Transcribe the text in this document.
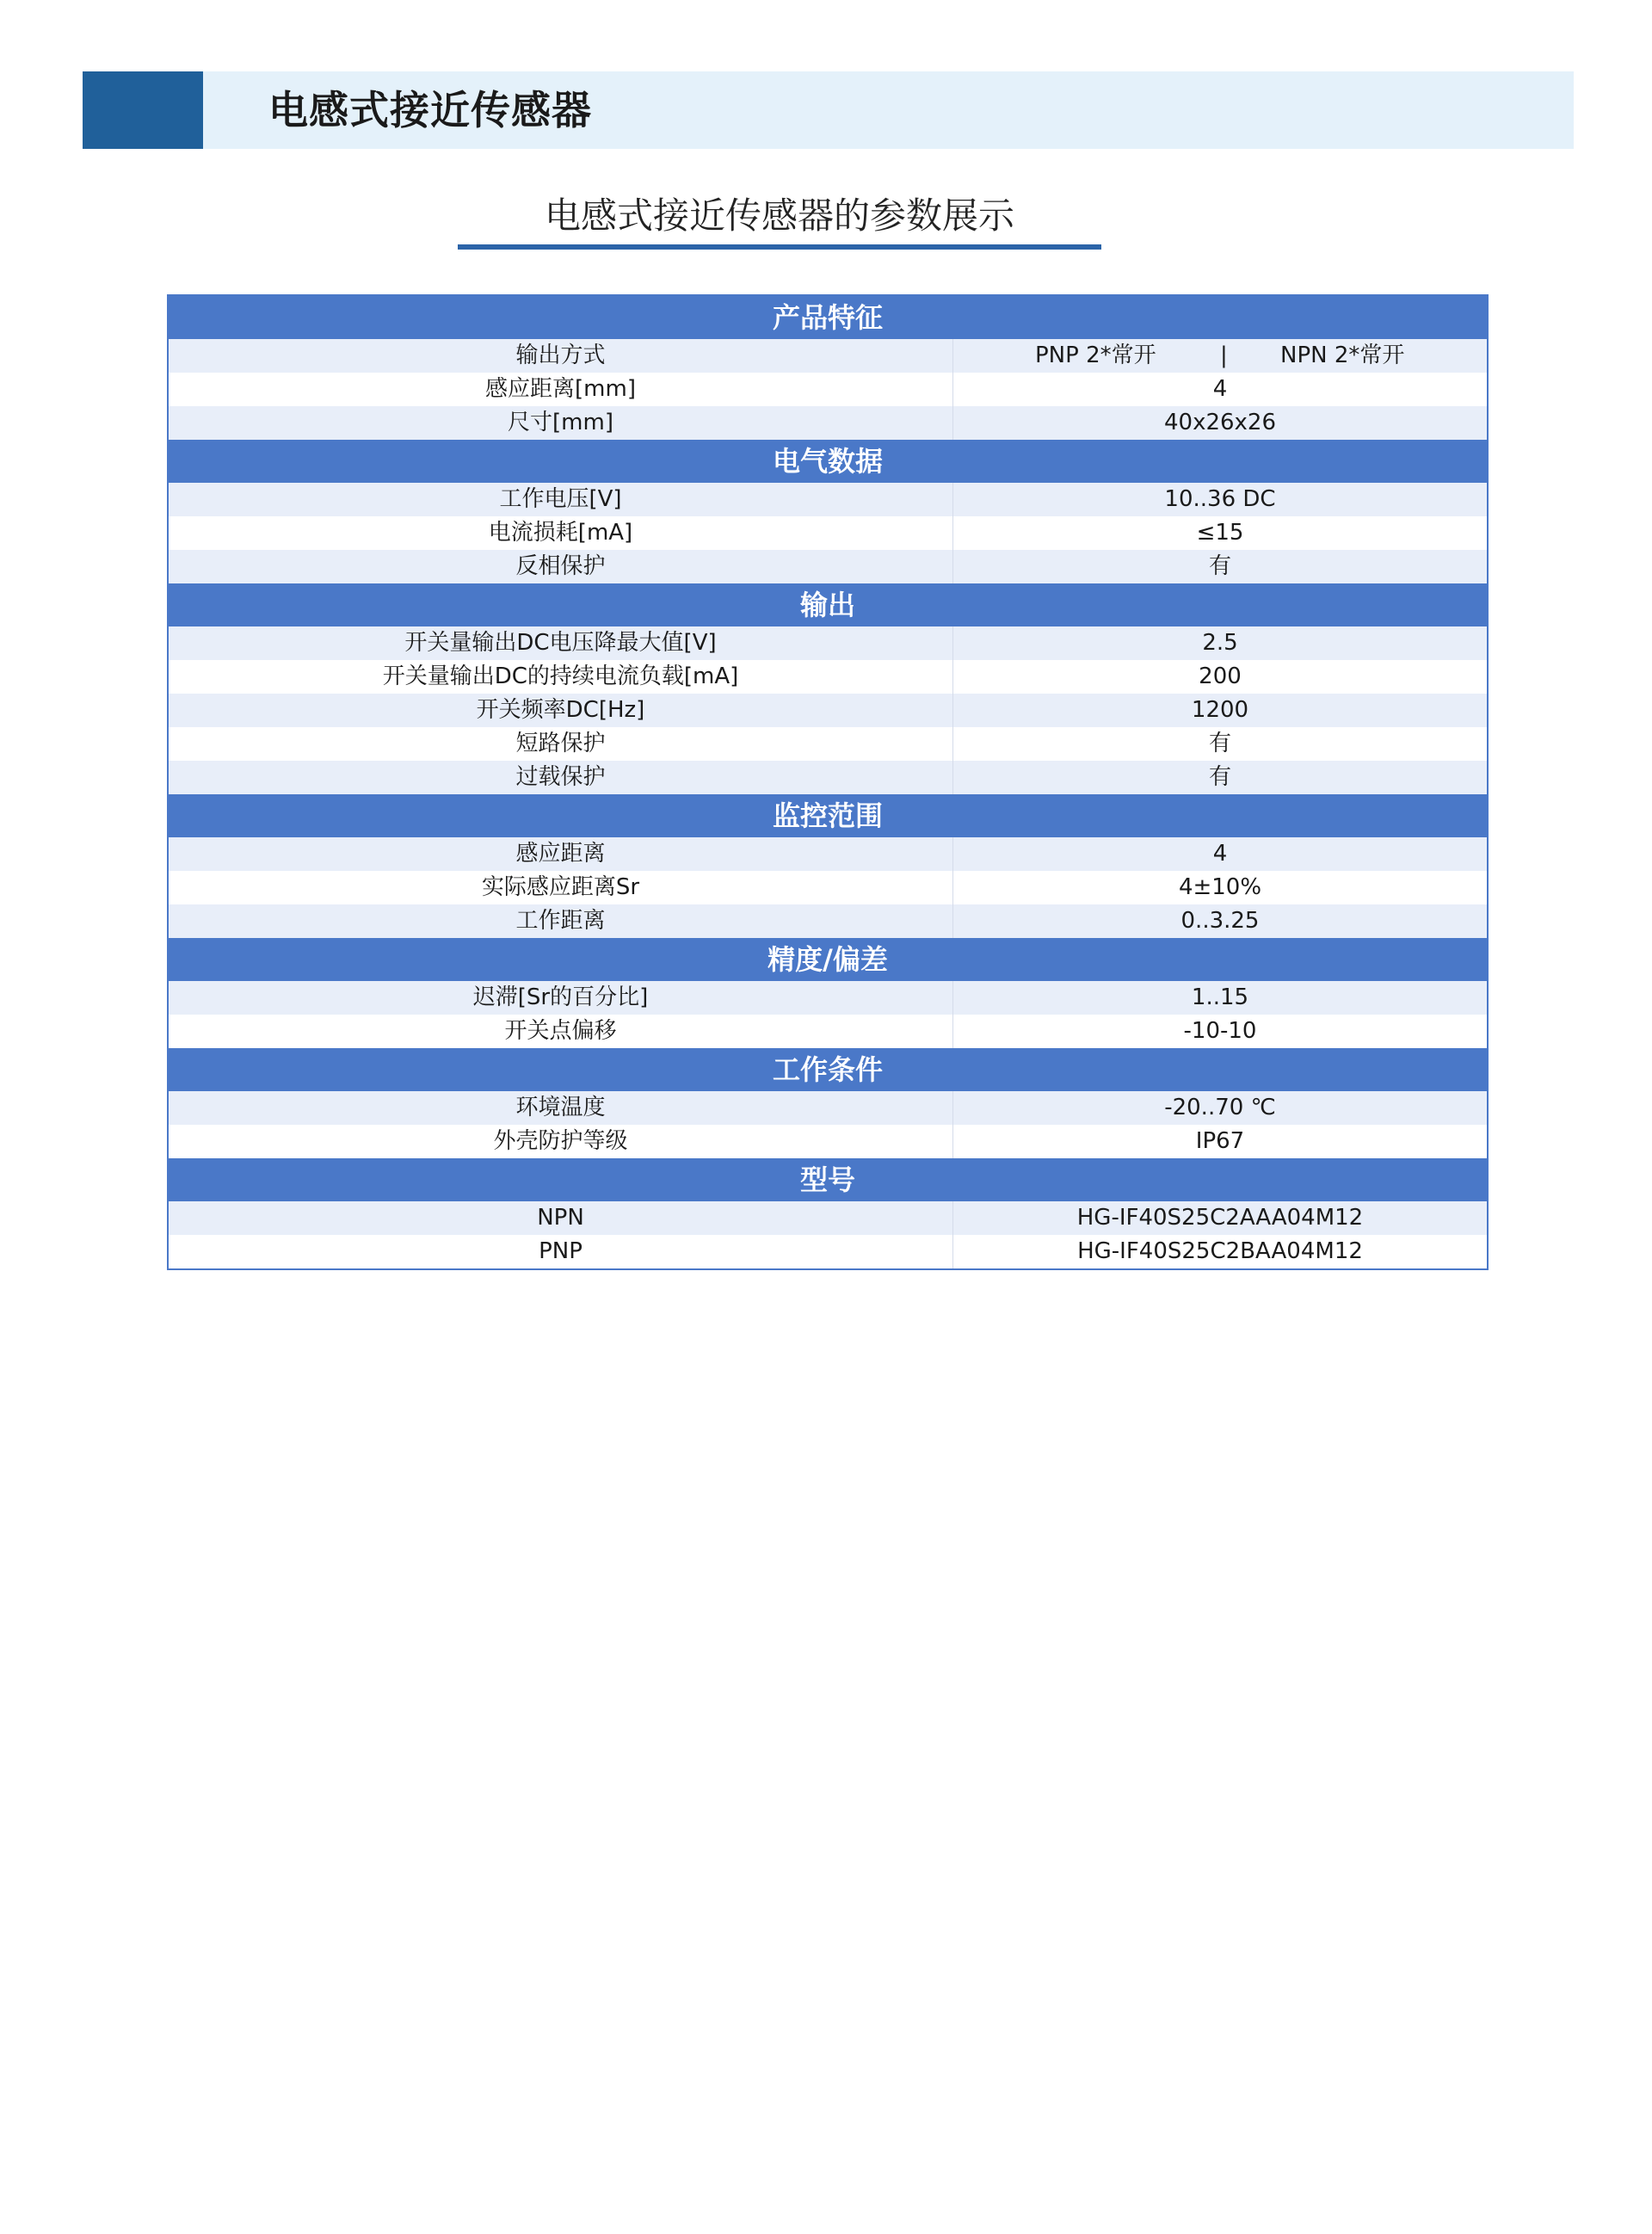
电感式接近传感器
电感式接近传感器的参数展示
产品特征
输出方式	PNP 2*常开	| NPN 2*常开
感应距离[mm]	4
尺寸[mm]	40x26x26
电气数据
工作电压[V]	10..36 DC
电流损耗[mA]	≤15
反相保护	有
输出
开关量输出DC电压降最大值[V]	2.5
开关量输出DC的持续电流负载[mA]	200
开关频率DC[Hz]	1200
短路保护	有
过载保护	有
监控范围
感应距离	4
实际感应距离Sr	4±10%
工作距离	0..3.25
精度/偏差
迟滞[Sr的百分比]	1..15
开关点偏移	-10-10
工作条件
环境温度	-20..70 ℃
外壳防护等级	IP67
型号
NPN	HG-IF40S25C2AAA04M12
PNP	HG-IF40S25C2BAA04M12
